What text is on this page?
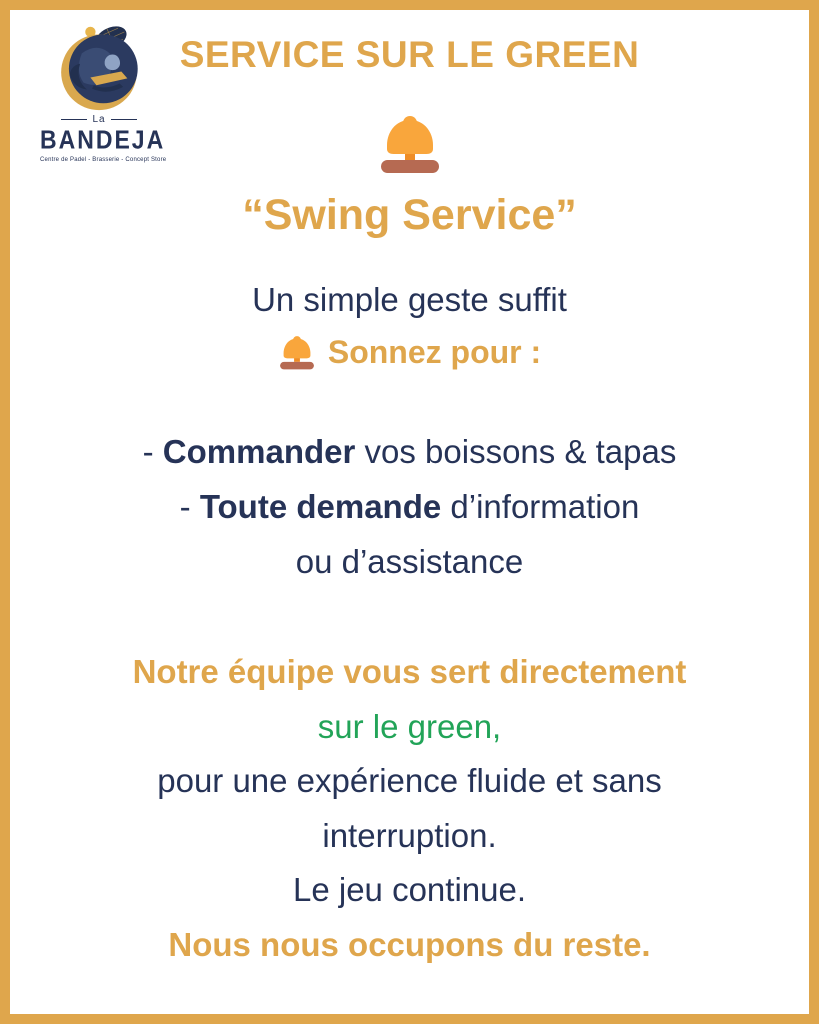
La
BANDEJA
Centre de Padel - Brasserie - Concept Store
SERVICE SUR LE GREEN
“Swing Service”
Un simple geste suffit
Sonnez pour :
- Commander vos boissons & tapas
- Toute demande d’information
ou d’assistance
Notre équipe vous sert directement
sur le green,
pour une expérience fluide et sans
interruption.
Le jeu continue.
Nous nous occupons du reste.
